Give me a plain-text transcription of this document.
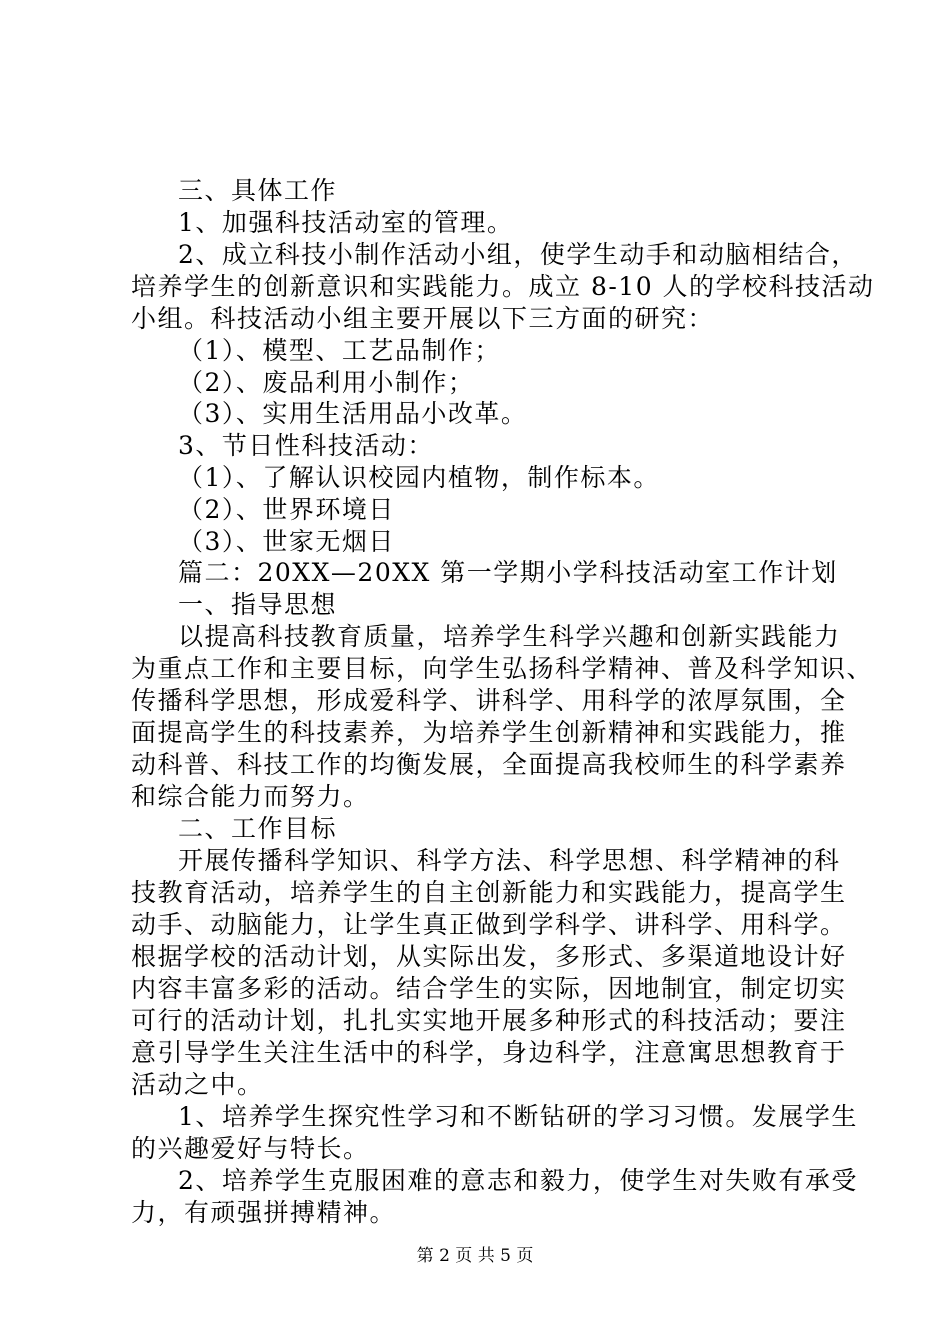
三、具体工作
1、加强科技活动室的管理。
2、成立科技小制作活动小组，使学生动手和动脑相结合，
培养学生的创新意识和实践能力。成立 8-10 人的学校科技活动
小组。科技活动小组主要开展以下三方面的研究：
（1）、模型、工艺品制作；
（2）、废品利用小制作；
（3）、实用生活用品小改革。
3、节日性科技活动：
（1）、了解认识校园内植物，制作标本。
（2）、世界环境日
（3）、世家无烟日
篇二：20XX—20XX 第一学期小学科技活动室工作计划
一、指导思想
以提高科技教育质量，培养学生科学兴趣和创新实践能力
为重点工作和主要目标，向学生弘扬科学精神、普及科学知识、
传播科学思想，形成爱科学、讲科学、用科学的浓厚氛围，全
面提高学生的科技素养，为培养学生创新精神和实践能力，推
动科普、科技工作的均衡发展，全面提高我校师生的科学素养
和综合能力而努力。
二、工作目标
开展传播科学知识、科学方法、科学思想、科学精神的科
技教育活动，培养学生的自主创新能力和实践能力，提高学生
动手、动脑能力，让学生真正做到学科学、讲科学、用科学。
根据学校的活动计划，从实际出发，多形式、多渠道地设计好
内容丰富多彩的活动。结合学生的实际，因地制宜，制定切实
可行的活动计划，扎扎实实地开展多种形式的科技活动；要注
意引导学生关注生活中的科学，身边科学，注意寓思想教育于
活动之中。
1、培养学生探究性学习和不断钻研的学习习惯。发展学生
的兴趣爱好与特长。
2、培养学生克服困难的意志和毅力，使学生对失败有承受
力，有顽强拼搏精神。
第 2 页 共 5 页
